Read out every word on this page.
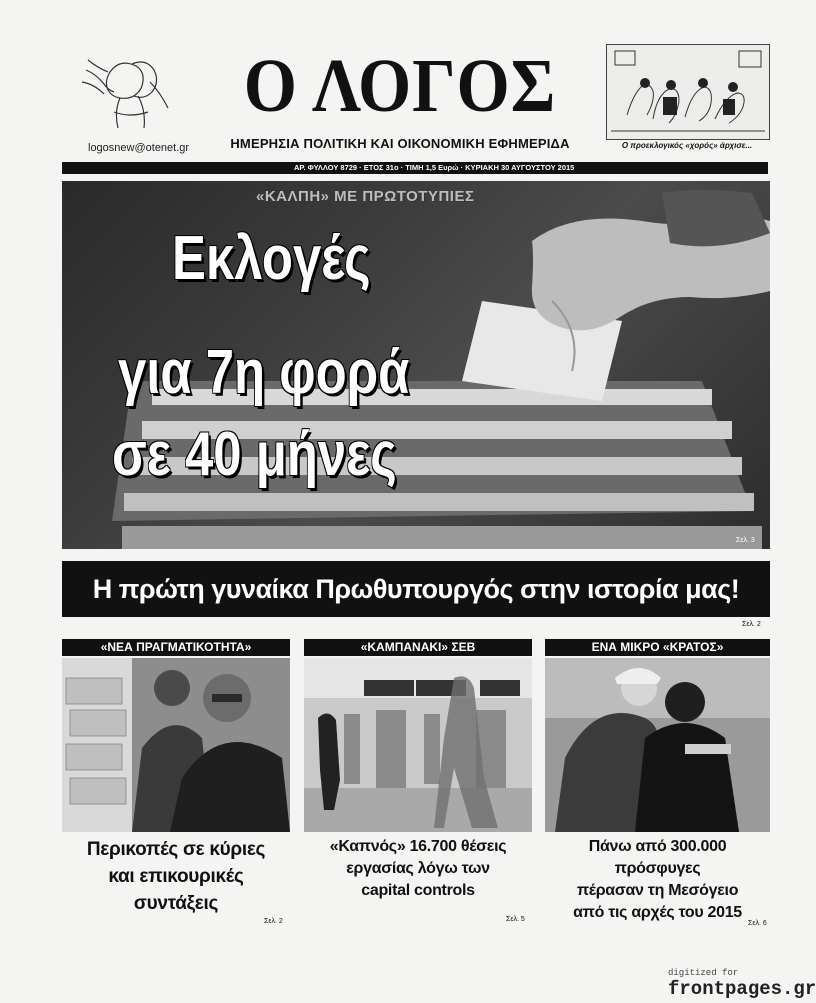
logosnew@otenet.gr
Ο ΛΟΓΟΣ
ΗΜΕΡΗΣΙΑ ΠΟΛΙΤΙΚΗ ΚΑΙ ΟΙΚΟΝΟΜΙΚΗ ΕΦΗΜΕΡΙΔΑ	Ο προεκλογικός «χορός» άρχισε...
ΑΡ. ΦΥΛΛΟΥ 8729 · ΕΤΟΣ 31ο · ΤΙΜΗ 1,5 Ευρώ · ΚΥΡΙΑΚΗ 30 ΑΥΓΟΥΣΤΟΥ 2015
«ΚΑΛΠΗ» ΜΕ ΠΡΩΤΟΤΥΠΙΕΣ
Εκλογές
για 7η φορά
σε 40 μήνες
Σελ. 3
Η πρώτη γυναίκα Πρωθυπουργός στην ιστορία μας!
Σελ. 2
«ΝΕΑ ΠΡΑΓΜΑΤΙΚΟΤΗΤΑ»
Περικοπές σε κύριες
και επικουρικές
συντάξεις
Σελ. 2
«ΚΑΜΠΑΝΑΚΙ» ΣΕΒ
«Καπνός» 16.700 θέσεις
εργασίας λόγω των
capital controls
Σελ. 5
ΕΝΑ ΜΙΚΡΟ «ΚΡΑΤΟΣ»
Πάνω από 300.000 πρόσφυγες
πέρασαν τη Μεσόγειο
από τις αρχές του 2015
Σελ. 6
digitized for
frontpages.gr
